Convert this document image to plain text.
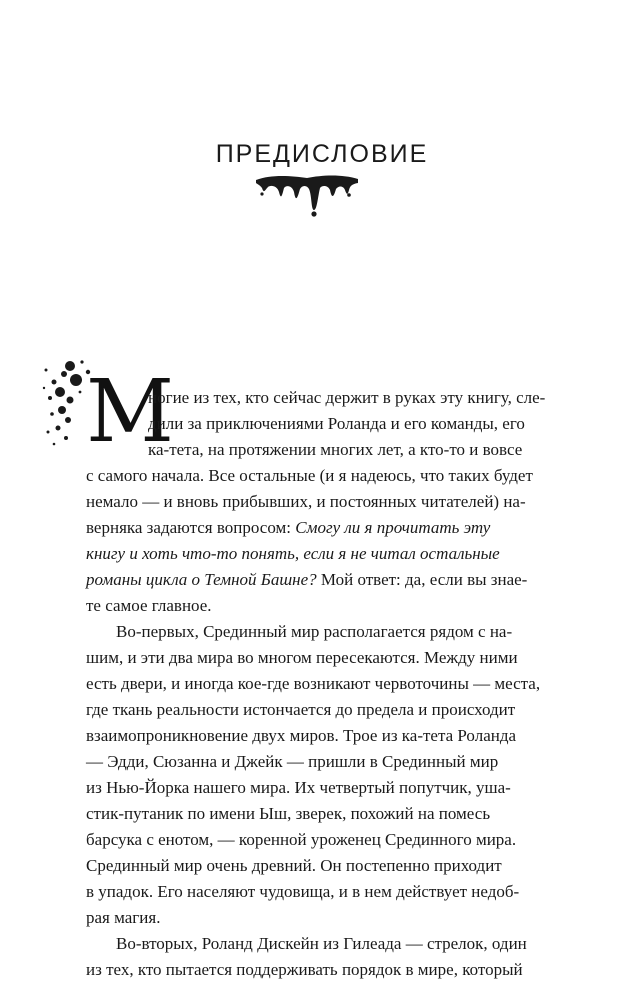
ПРЕДИСЛОВИЕ
М
ногие из тех, кто сейчас держит в руках эту книгу, сле-
дили за приключениями Роланда и его команды, его
ка-тета, на протяжении многих лет, а кто-то и вовсе
с самого начала. Все остальные (и я надеюсь, что таких будет
немало — и вновь прибывших, и постоянных читателей) на-
верняка задаются вопросом: Смогу ли я прочитать эту
книгу и хоть что-то понять, если я не читал остальные
романы цикла о Темной Башне? Мой ответ: да, если вы знае-
те самое главное.
Во-первых, Срединный мир располагается рядом с на-
шим, и эти два мира во многом пересекаются. Между ними
есть двери, и иногда кое-где возникают червоточины — места,
где ткань реальности истончается до предела и происходит
взаимопроникновение двух миров. Трое из ка-тета Роланда
— Эдди, Сюзанна и Джейк — пришли в Срединный мир
из Нью-Йорка нашего мира. Их четвертый попутчик, уша-
стик-путаник по имени Ыш, зверек, похожий на помесь
барсука с енотом, — коренной уроженец Срединного мира.
Срединный мир очень древний. Он постепенно приходит
в упадок. Его населяют чудовища, и в нем действует недоб-
рая магия.
Во-вторых, Роланд Дискейн из Гилеада — стрелок, один
из тех, кто пытается поддерживать порядок в мире, который
